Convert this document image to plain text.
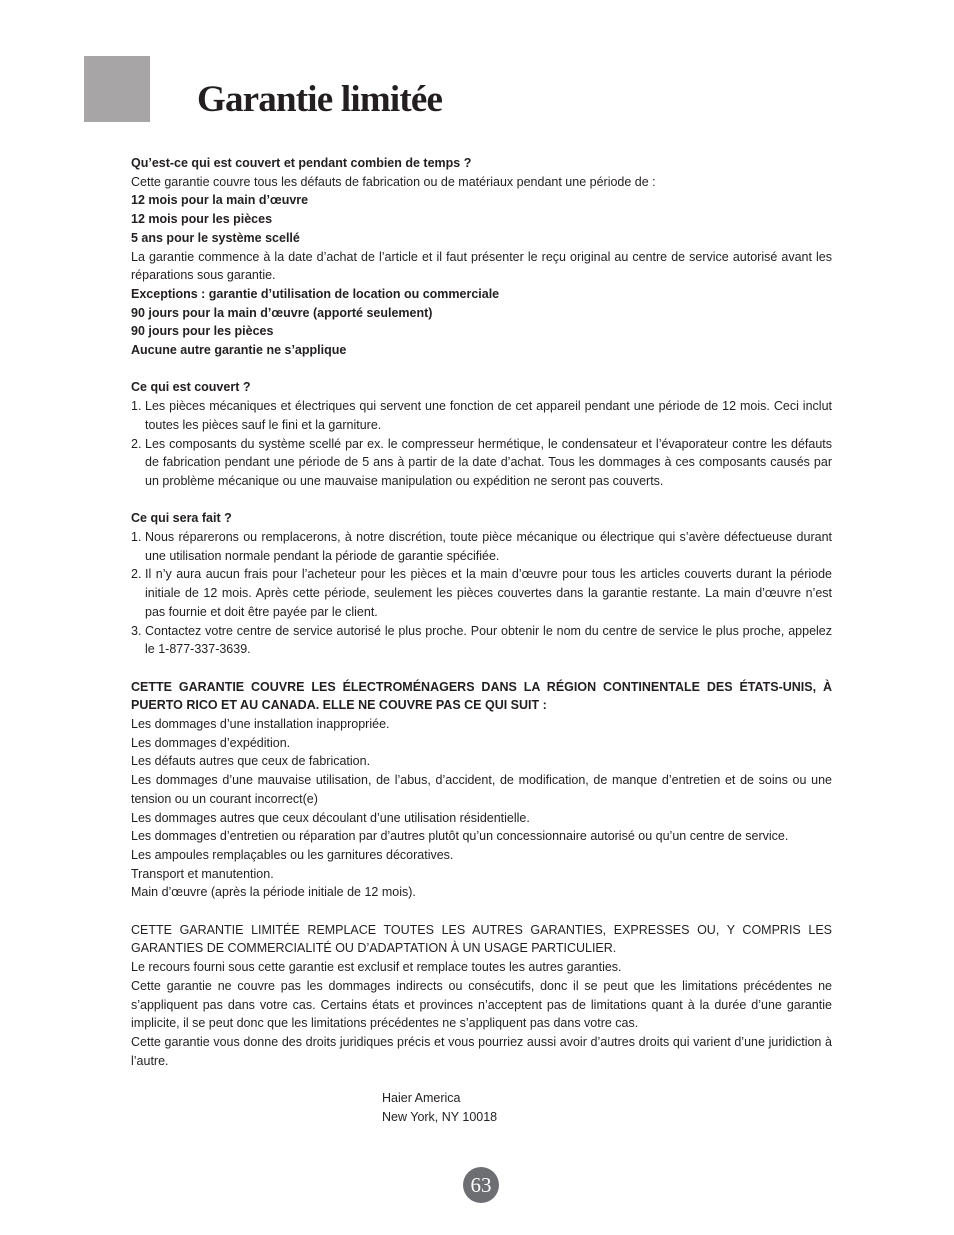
Garantie limitée

Qu’est-ce qui est couvert et pendant combien de temps ?

Cette garantie couvre tous les défauts de fabrication ou de matériaux pendant une période de :

12 mois pour la main d’œuvre

12 mois pour les pièces

5 ans pour le système scellé

La garantie commence à la date d’achat de l’article et il faut présenter le reçu original au centre de service autorisé avant les réparations sous garantie.

Exceptions : garantie d’utilisation de location ou commerciale

90 jours pour la main d’œuvre (apporté seulement)

90 jours pour les pièces

Aucune autre garantie ne s’applique

Ce qui est couvert ?

1. Les pièces mécaniques et électriques qui servent une fonction de cet appareil pendant une période de 12 mois. Ceci inclut toutes les pièces sauf le fini et la garniture.
2. Les composants du système scellé par ex. le compresseur hermétique, le condensateur et l’évaporateur contre les défauts de fabrication pendant une période de 5 ans à partir de la date d’achat. Tous les dommages à ces composants causés par un problème mécanique ou une mauvaise manipulation ou expédition ne seront pas couverts.

Ce qui sera fait ?

1. Nous réparerons ou remplacerons, à notre discrétion, toute pièce mécanique ou électrique qui s’avère défectueuse durant une utilisation normale pendant la période de garantie spécifiée.
2. Il n’y aura aucun frais pour l’acheteur pour les pièces et la main d’œuvre pour tous les articles couverts durant la période initiale de 12 mois. Après cette période, seulement les pièces couvertes dans la garantie restante. La main d’œuvre n’est pas fournie et doit être payée par le client.
3. Contactez votre centre de service autorisé le plus proche. Pour obtenir le nom du centre de service le plus proche, appelez le 1-877-337-3639.

CETTE GARANTIE COUVRE LES ÉLECTROMÉNAGERS DANS LA RÉGION CONTINENTALE DES ÉTATS-UNIS, À PUERTO RICO ET AU CANADA. ELLE NE COUVRE PAS CE QUI SUIT :

Les dommages d’une installation inappropriée.

Les dommages d’expédition.

Les défauts autres que ceux de fabrication.

Les dommages d’une mauvaise utilisation, de l’abus, d’accident, de modification, de manque d’entretien et de soins ou une tension ou un courant incorrect(e)

Les dommages autres que ceux découlant d’une utilisation résidentielle.

Les dommages d’entretien ou réparation par d’autres plutôt qu’un concessionnaire autorisé ou qu’un centre de service.

Les ampoules remplaçables ou les garnitures décoratives.

Transport et manutention.

Main d’œuvre (après la période initiale de 12 mois).

CETTE GARANTIE LIMITÉE REMPLACE TOUTES LES AUTRES GARANTIES, EXPRESSES OU, Y COMPRIS LES GARANTIES DE COMMERCIALITÉ OU D’ADAPTATION À UN USAGE PARTICULIER.

Le recours fourni sous cette garantie est exclusif et remplace toutes les autres garanties.

Cette garantie ne couvre pas les dommages indirects ou consécutifs, donc il se peut que les limitations précédentes ne s’appliquent pas dans votre cas. Certains états et provinces n’acceptent pas de limitations quant à la durée d’une garantie implicite, il se peut donc que les limitations précédentes ne s’appliquent pas dans votre cas.

Cette garantie vous donne des droits juridiques précis et vous pourriez aussi avoir d’autres droits qui varient d’une juridiction à l’autre.

Haier America
New York, NY 10018
63
